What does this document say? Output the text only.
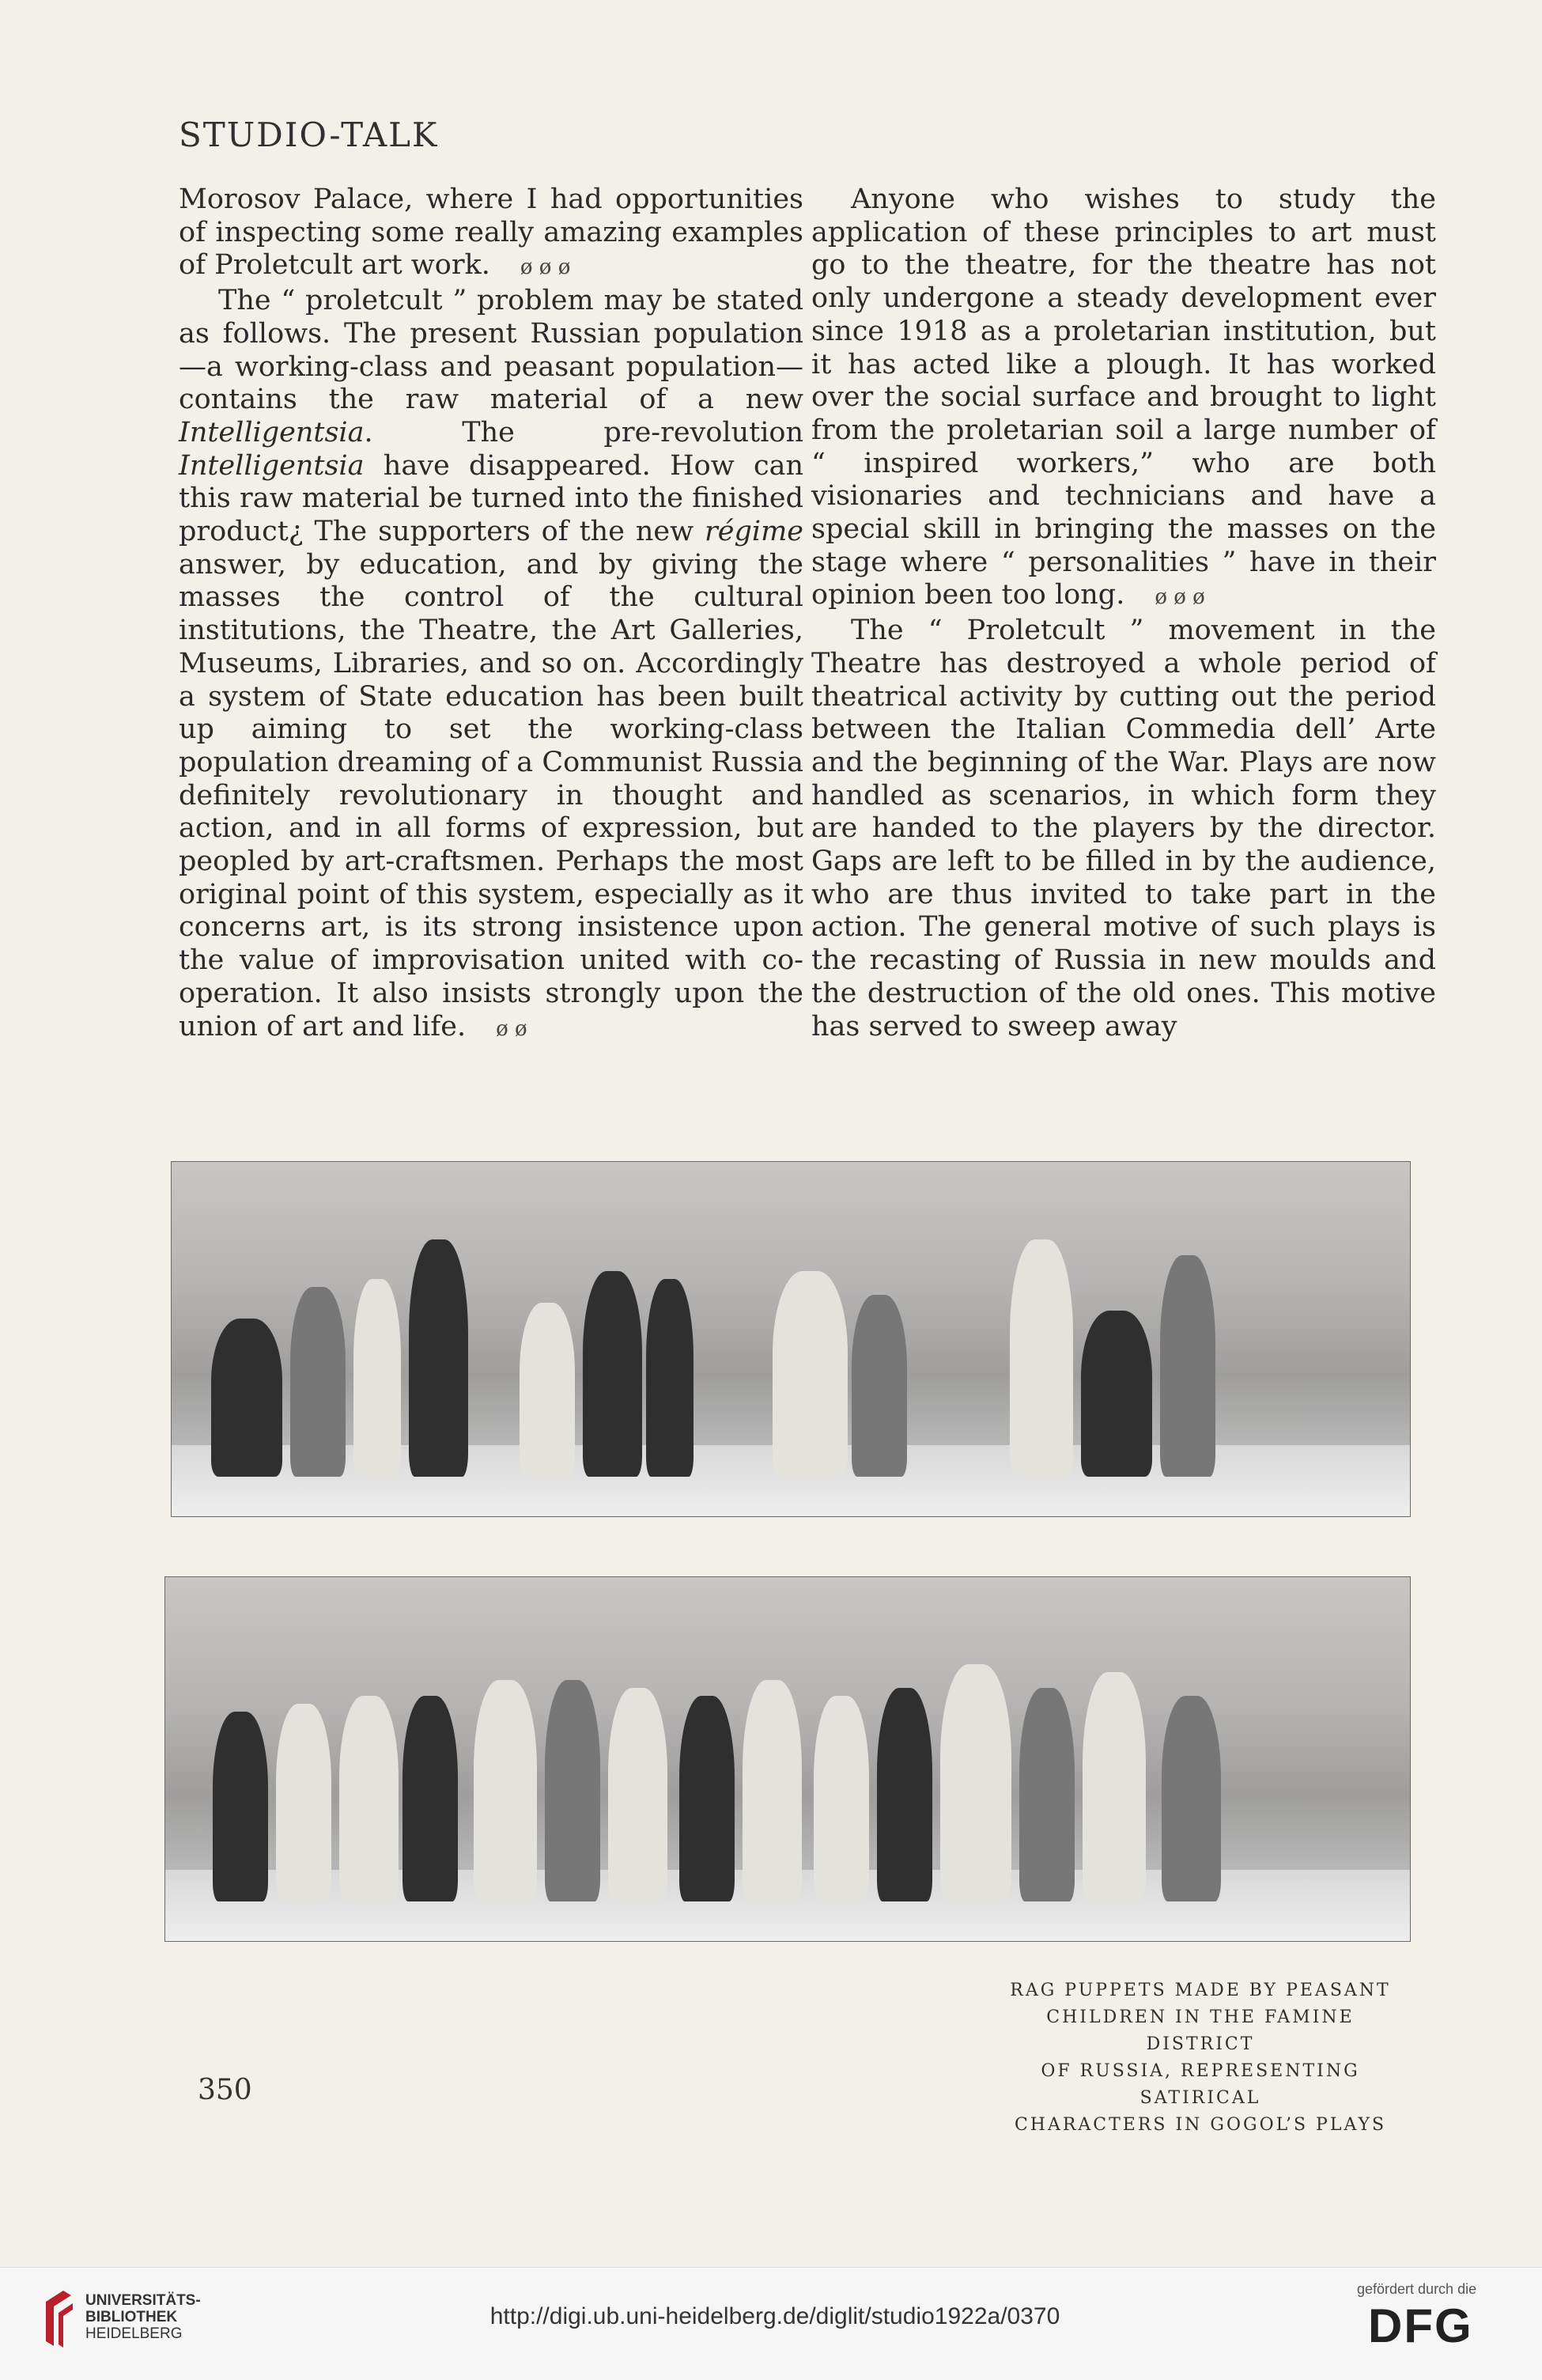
STUDIO-TALK

Morosov Palace, where I had opportunities of inspecting some really amazing examples of Proletcult art work. ø ø ø

The “ proletcult ” problem may be stated as follows. The present Russian population—a working-class and peasant population—contains the raw material of a new Intelligentsia. The pre-revolution Intelligentsia have disappeared. How can this raw material be turned into the finished product¿ The supporters of the new régime answer, by education, and by giving the masses the control of the cultural institutions, the Theatre, the Art Galleries, Museums, Libraries, and so on. Accordingly a system of State education has been built up aiming to set the working-class population dreaming of a Communist Russia definitely revolutionary in thought and action, and in all forms of expression, but peopled by art-craftsmen. Perhaps the most original point of this system, especially as it concerns art, is its strong insistence upon the value of improvisation united with co-operation. It also insists strongly upon the union of art and life. ø ø

Anyone who wishes to study the application of these principles to art must go to the theatre, for the theatre has not only undergone a steady development ever since 1918 as a proletarian institution, but it has acted like a plough. It has worked over the social surface and brought to light from the proletarian soil a large number of “ inspired workers,” who are both visionaries and technicians and have a special skill in bringing the masses on the stage where “ personalities ” have in their opinion been too long. ø ø ø

The “ Proletcult ” movement in the Theatre has destroyed a whole period of theatrical activity by cutting out the period between the Italian Commedia dell’ Arte and the beginning of the War. Plays are now handled as scenarios, in which form they are handed to the players by the director. Gaps are left to be filled in by the audience, who are thus invited to take part in the action. The general motive of such plays is the recasting of Russia in new moulds and the destruction of the old ones. This motive has served to sweep away

RAG PUPPETS MADE BY PEASANT
CHILDREN IN THE FAMINE DISTRICT
OF RUSSIA, REPRESENTING SATIRICAL
CHARACTERS IN GOGOL’S PLAYS
350
UNIVERSITÄTS-
BIBLIOTHEK
HEIDELBERG
http://digi.ub.uni-heidelberg.de/diglit/studio1922a/0370
gefördert durch die
DFG
